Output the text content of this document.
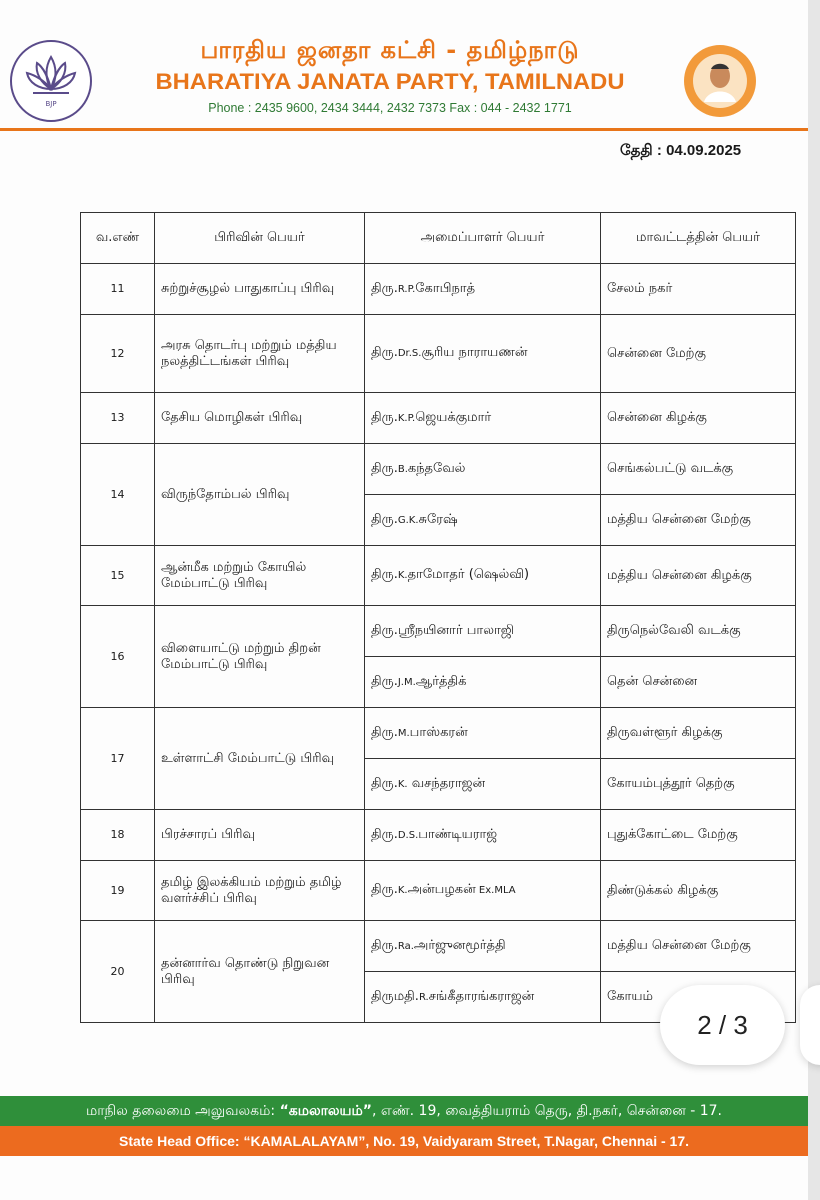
BJP
பாரதிய ஜனதா கட்சி - தமிழ்நாடு
BHARATIYA JANATA PARTY, TAMILNADU
Phone : 2435 9600, 2434 3444, 2432 7373 Fax : 044 - 2432 1771
தேதி : 04.09.2025
வ.எண்	பிரிவின் பெயர்	அமைப்பாளர் பெயர்	மாவட்டத்தின் பெயர்
11	சுற்றுச்சூழல் பாதுகாப்பு பிரிவு	திரு.R.P.கோபிநாத்	சேலம் நகர்
12	அரசு தொடர்பு மற்றும் மத்திய நலத்திட்டங்கள் பிரிவு	திரு.Dr.S.சூரிய நாராயணன்	சென்னை மேற்கு
13	தேசிய மொழிகள் பிரிவு	திரு.K.P.ஜெயக்குமார்	சென்னை கிழக்கு
14	விருந்தோம்பல் பிரிவு	திரு.B.கந்தவேல்	செங்கல்பட்டு வடக்கு
		திரு.G.K.சுரேஷ்	மத்திய சென்னை மேற்கு
15	ஆன்மீக மற்றும் கோயில் மேம்பாட்டு பிரிவு	திரு.K.தாமோதர் (ஷெல்வி)	மத்திய சென்னை கிழக்கு
16	விளையாட்டு மற்றும் திறன் மேம்பாட்டு பிரிவு	திரு.ஸ்ரீநயினார் பாலாஜி	திருநெல்வேலி வடக்கு
		திரு.J.M.ஆர்த்திக்	தென் சென்னை
17	உள்ளாட்சி மேம்பாட்டு பிரிவு	திரு.M.பாஸ்கரன்	திருவள்ளூர் கிழக்கு
		திரு.K. வசந்தராஜன்	கோயம்புத்தூர் தெற்கு
18	பிரச்சாரப் பிரிவு	திரு.D.S.பாண்டியராஜ்	புதுக்கோட்டை மேற்கு
19	தமிழ் இலக்கியம் மற்றும் தமிழ் வளர்ச்சிப் பிரிவு	திரு.K.அன்பழகன் Ex.MLA	திண்டுக்கல் கிழக்கு
20	தன்னார்வ தொண்டு நிறுவன பிரிவு	திரு.Ra.அர்ஜுனமூர்த்தி	மத்திய சென்னை மேற்கு
		திருமதி.R.சங்கீதாரங்கராஜன்	கோயம்
மாநில தலைமை அலுவலகம்: “கமலாலயம்”, எண். 19, வைத்தியராம் தெரு, தி.நகர், சென்னை - 17.
State Head Office: “KAMALALAYAM”, No. 19, Vaidyaram Street, T.Nagar, Chennai - 17.
2 / 3
